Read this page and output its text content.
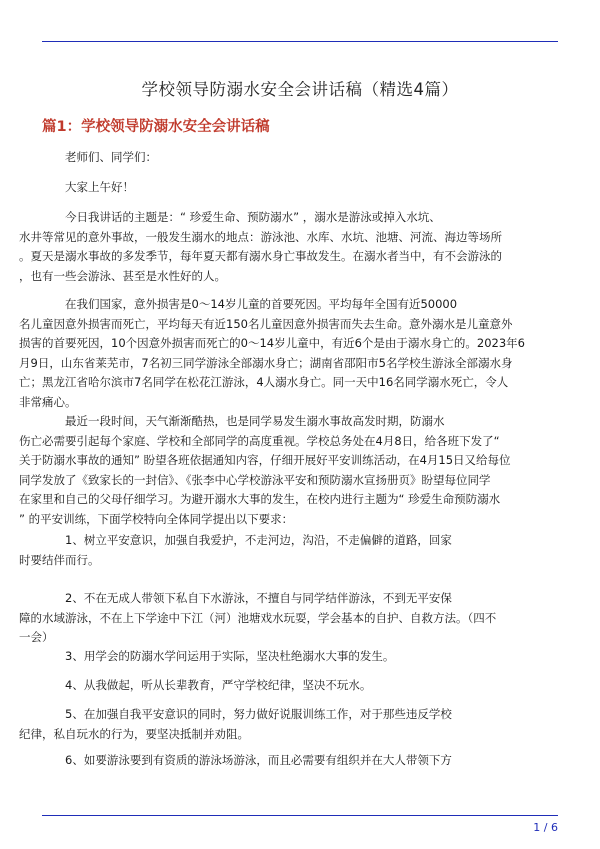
学校领导防溺水安全会讲话稿（精选4篇）
篇1：学校领导防溺水安全会讲话稿

老师们、同学们：

大家上午好！

今日我讲话的主题是：“ 珍爱生命、预防溺水” ，溺水是游泳或掉入水坑、
水井等常见的意外事故，一般发生溺水的地点：游泳池、水库、水坑、池塘、河流、海边等场所
。夏天是溺水事故的多发季节，每年夏天都有溺水身亡事故发生。在溺水者当中，有不会游泳的
，也有一些会游泳、甚至是水性好的人。

在我们国家，意外损害是0～14岁儿童的首要死因。平均每年全国有近50000
名儿童因意外损害而死亡，平均每天有近150名儿童因意外损害而失去生命。意外溺水是儿童意外
损害的首要死因，10个因意外损害而死亡的0～14岁儿童中，有近6个是由于溺水身亡的。2023年6
月9日，山东省莱芜市，7名初三同学游泳全部溺水身亡；湖南省邵阳市5名学校生游泳全部溺水身
亡；黑龙江省哈尔滨市7名同学在松花江游泳，4人溺水身亡。同一天中16名同学溺水死亡，令人
非常痛心。

最近一段时间，天气渐渐酷热，也是同学易发生溺水事故高发时期，防溺水
伤亡必需要引起每个家庭、学校和全部同学的高度重视。学校总务处在4月8日，给各班下发了“
关于防溺水事故的通知” 盼望各班依据通知内容，仔细开展好平安训练活动，在4月15日又给每位
同学发放了《致家长的一封信》、《张李中心学校游泳平安和预防溺水宣扬册页》盼望每位同学
在家里和自己的父母仔细学习。为避开溺水大事的发生，在校内进行主题为“ 珍爱生命预防溺水
” 的平安训练，下面学校特向全体同学提出以下要求：

1、树立平安意识，加强自我爱护，不走河边，沟沿，不走偏僻的道路，回家
时要结伴而行。

2、不在无成人带领下私自下水游泳，不擅自与同学结伴游泳，不到无平安保
障的水域游泳，不在上下学途中下江（河）池塘戏水玩耍，学会基本的自护、自救方法。（四不
一会）

3、用学会的防溺水学问运用于实际，坚决杜绝溺水大事的发生。

4、从我做起，听从长辈教育，严守学校纪律，坚决不玩水。

5、在加强自我平安意识的同时，努力做好说服训练工作，对于那些违反学校
纪律，私自玩水的行为，要坚决抵制并劝阻。

6、如要游泳要到有资质的游泳场游泳，而且必需要有组织并在大人带领下方

1 / 6
